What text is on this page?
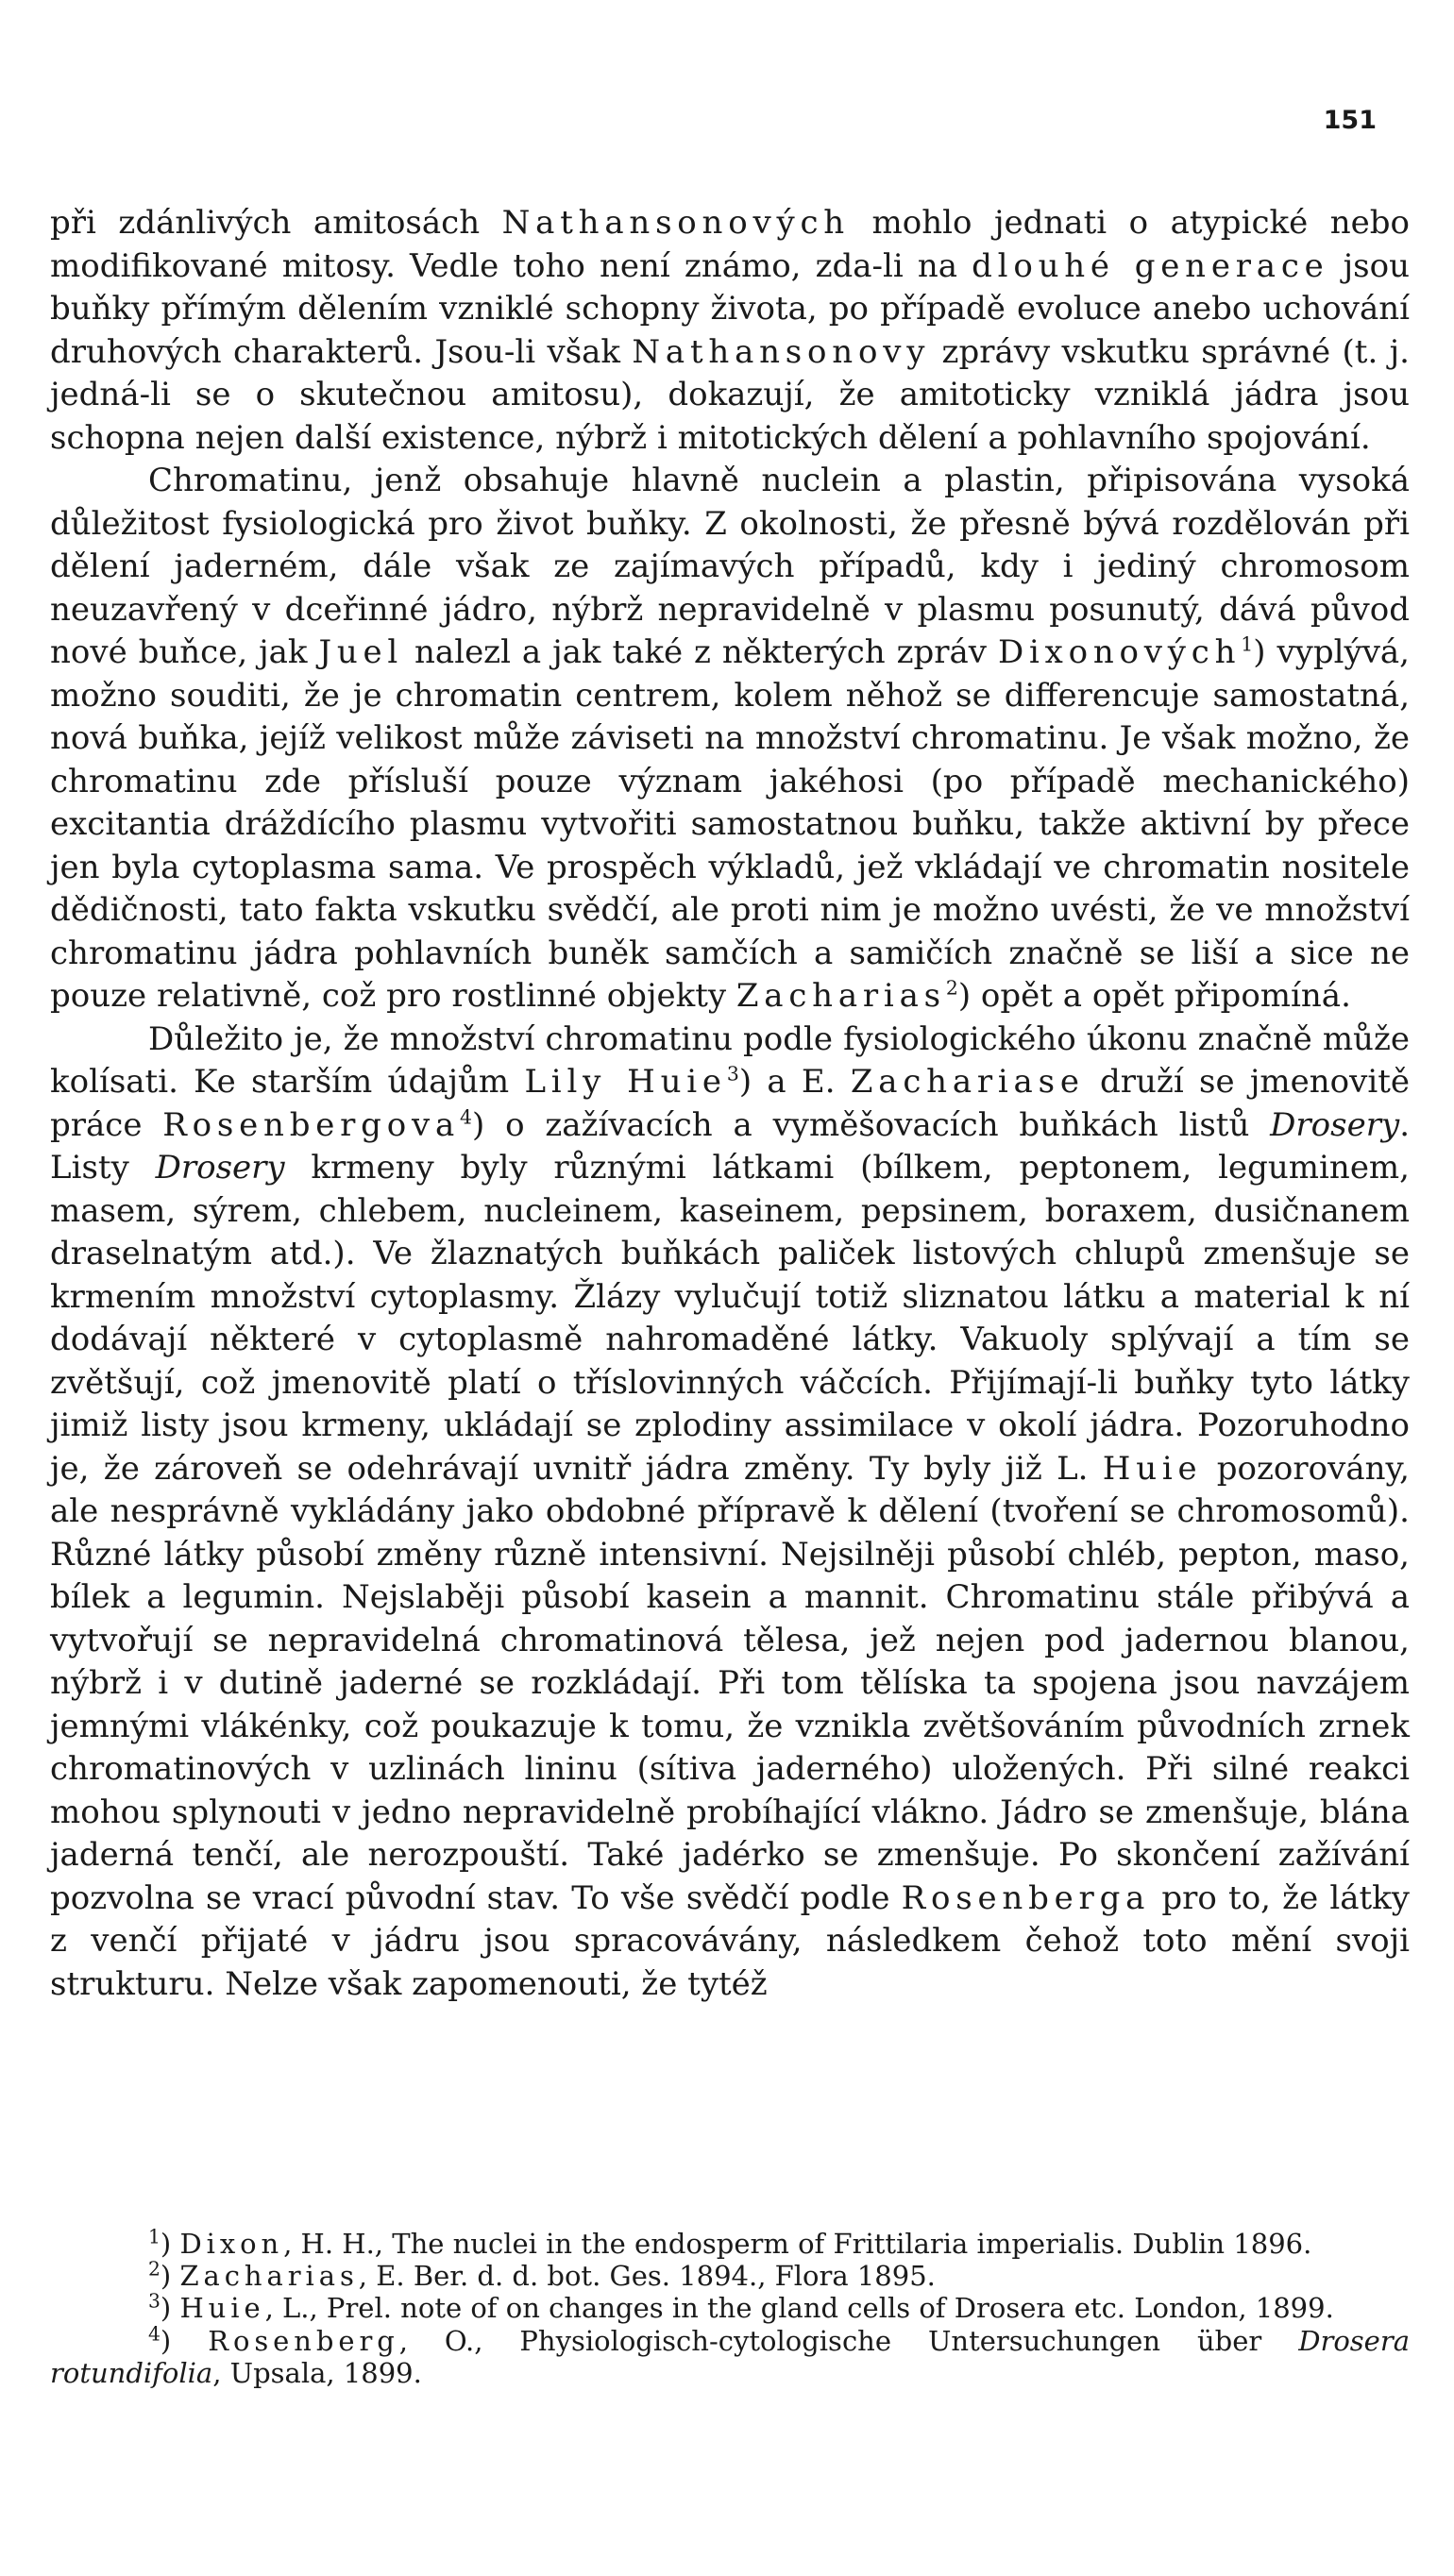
151

při zdánlivých amitosách Nathansonových mohlo jednati o atypické nebo modifikované mitosy. Vedle toho není známo, zda-li na dlouhé generace jsou buňky přímým dělením vzniklé schopny života, po případě evoluce anebo uchování druhových charakterů. Jsou-li však Nathansonovy zprávy vskutku správné (t. j. jedná-li se o skutečnou amitosu), dokazují, že amitoticky vzniklá jádra jsou schopna nejen další existence, nýbrž i mitotických dělení a pohlavního spojování.

Chromatinu, jenž obsahuje hlavně nuclein a plastin, připisována vysoká důležitost fysiologická pro život buňky. Z okolnosti, že přesně bývá rozdělován při dělení jaderném, dále však ze zajímavých případů, kdy i jediný chromosom neuzavřený v dceřinné jádro, nýbrž nepravidelně v plasmu posunutý, dává původ nové buňce, jak Juel nalezl a jak také z některých zpráv Dixonových$^1$) vyplývá, možno souditi, že je chromatin centrem, kolem něhož se differencuje samostatná, nová buňka, jejíž velikost může záviseti na množství chromatinu. Je však možno, že chromatinu zde přísluší pouze význam jakéhosi (po případě mechanického) excitantia dráždícího plasmu vytvořiti samostatnou buňku, takže aktivní by přece jen byla cytoplasma sama. Ve prospěch výkladů, jež vkládají ve chromatin nositele dědičnosti, tato fakta vskutku svědčí, ale proti nim je možno uvésti, že ve množství chromatinu jádra pohlavních buněk samčích a samičích značně se liší a sice ne pouze relativně, což pro rostlinné objekty Zacharias$^2$) opět a opět připomíná.

Důležito je, že množství chromatinu podle fysiologického úkonu značně může kolísati. Ke starším údajům Lily Huie$^3$) a E. Zachariase druží se jmenovitě práce Rosenbergova$^4$) o zažívacích a vyměšovacích buňkách listů Drosery. Listy Drosery krmeny byly různými látkami (bílkem, peptonem, leguminem, masem, sýrem, chlebem, nucleinem, kaseinem, pepsinem, boraxem, dusičnanem draselnatým atd.). Ve žlaznatých buňkách paliček listových chlupů zmenšuje se krmením množství cytoplasmy. Žlázy vylučují totiž sliznatou látku a material k ní dodávají některé v cytoplasmě nahromaděné látky. Vakuoly splývají a tím se zvětšují, což jmenovitě platí o tříslovinných váčcích. Přijímají-li buňky tyto látky jimiž listy jsou krmeny, ukládají se zplodiny assimilace v okolí jádra. Pozoruhodno je, že zároveň se odehrávají uvnitř jádra změny. Ty byly již L. Huie pozorovány, ale nesprávně vykládány jako obdobné přípravě k dělení (tvoření se chromosomů). Různé látky působí změny různě intensivní. Nejsilněji působí chléb, pepton, maso, bílek a legumin. Nejslaběji působí kasein a mannit. Chromatinu stále přibývá a vytvořují se nepravidelná chromatinová tělesa, jež nejen pod jadernou blanou, nýbrž i v dutině jaderné se rozkládají. Při tom tělíska ta spojena jsou navzájem jemnými vlákénky, což poukazuje k tomu, že vznikla zvětšováním původních zrnek chromatinových v uzlinách lininu (sítiva jaderného) uložených. Při silné reakci mohou splynouti v jedno nepravidelně probíhající vlákno. Jádro se zmenšuje, blána jaderná tenčí, ale nerozpouští. Také jadérko se zmenšuje. Po skončení zažívání pozvolna se vrací původní stav. To vše svědčí podle Rosenberga pro to, že látky z venčí přijaté v jádru jsou spracovávány, následkem čehož toto mění svoji strukturu. Nelze však zapomenouti, že tytéž

$^1$) Dixon, H. H., The nuclei in the endosperm of Frittilaria imperialis. Dublin 1896.

$^2$) Zacharias, E. Ber. d. d. bot. Ges. 1894., Flora 1895.

$^3$) Huie, L., Prel. note of on changes in the gland cells of Drosera etc. London, 1899.

$^4$) Rosenberg, O., Physiologisch-cytologische Untersuchungen über Drosera rotundifolia, Upsala, 1899.
